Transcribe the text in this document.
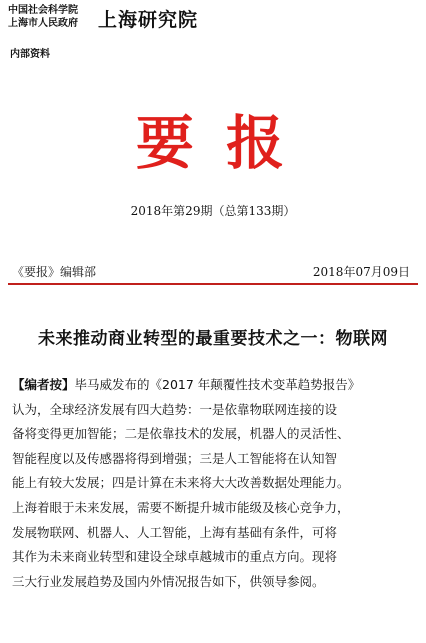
中国社会科学院
上海市人民政府	上海研究院
内部资料
要 报
2018年第29期（总第133期）
《要报》编辑部	2018年07月09日
未来推动商业转型的最重要技术之一：物联网
【编者按】毕马威发布的《2017 年颠覆性技术变革趋势报告》
认为，全球经济发展有四大趋势：一是依靠物联网连接的设
备将变得更加智能；二是依靠技术的发展，机器人的灵活性、
智能程度以及传感器将得到增强；三是人工智能将在认知智
能上有较大发展；四是计算在未来将大大改善数据处理能力。
上海着眼于未来发展，需要不断提升城市能级及核心竞争力，
发展物联网、机器人、人工智能，上海有基础有条件，可将
其作为未来商业转型和建设全球卓越城市的重点方向。现将
三大行业发展趋势及国内外情况报告如下，供领导参阅。
